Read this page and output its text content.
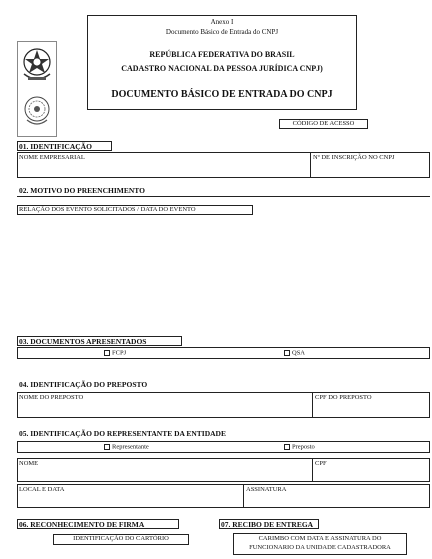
Anexo I
Documento Básico de Entrada do CNPJ
REPÚBLICA FEDERATIVA DO BRASIL
CADASTRO NACIONAL DA PESSOA JURÍDICA CNPJ)
DOCUMENTO BÁSICO DE ENTRADA DO CNPJ
CÓDIGO DE ACESSO
01. IDENTIFICAÇÃO
NOME EMPRESARIAL	Nº DE INSCRIÇÃO NO CNPJ
02. MOTIVO DO PREENCHIMENTO
RELAÇÃO DOS EVENTO SOLICITADOS / DATA DO EVENTO
03. DOCUMENTOS APRESENTADOS
FCPJ	QSA
04. IDENTIFICAÇÃO DO PREPOSTO
NOME DO PREPOSTO	CPF DO PREPOSTO
05. IDENTIFICAÇÃO DO REPRESENTANTE DA ENTIDADE
Representante	Preposto
NOME	CPF
LOCAL E DATA	ASSINATURA
06. RECONHECIMENTO DE FIRMA
IDENTIFICAÇÃO DO CARTÓRIO
07. RECIBO DE ENTREGA
CARIMBO COM DATA E ASSINATURA DO
FUNCIONARIO DA UNIDADE CADASTRADORA
